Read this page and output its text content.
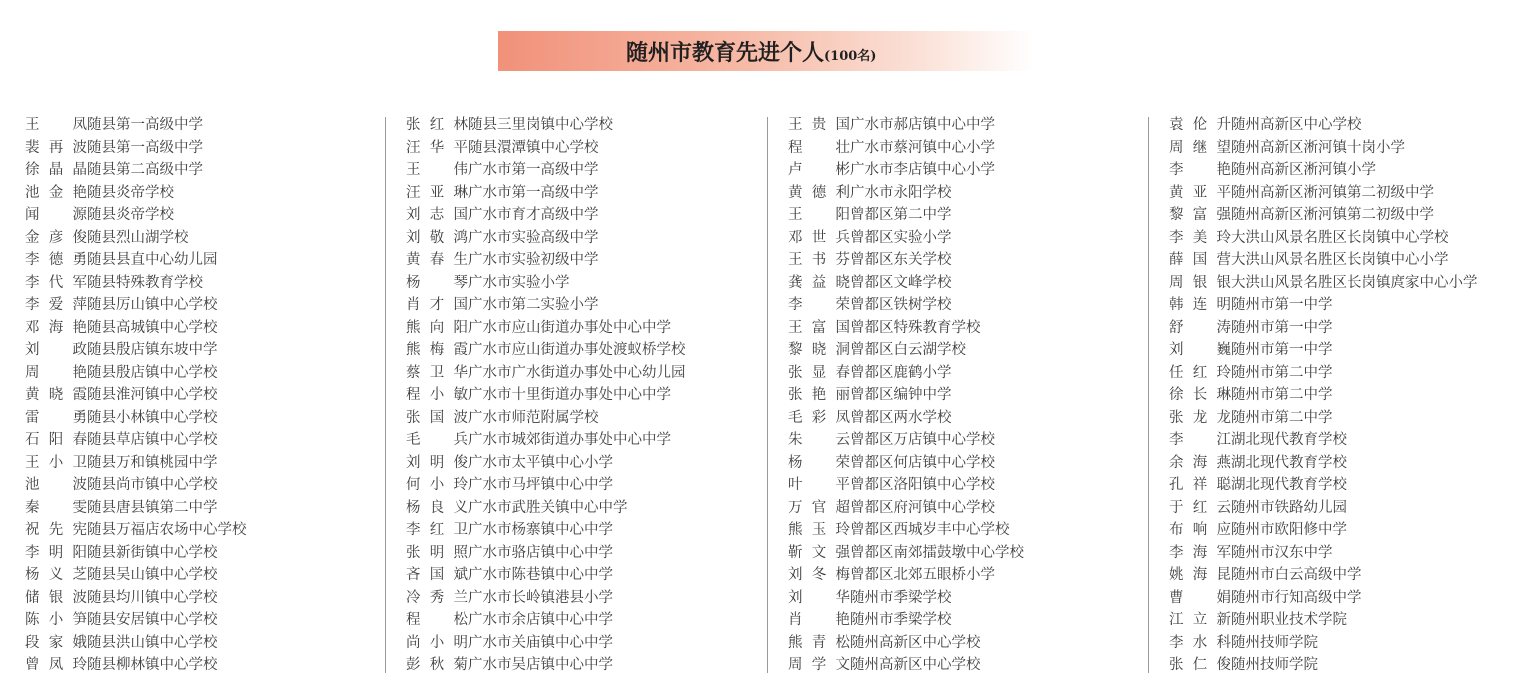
随州市教育先进个人(100名)
王　凤随县第一高级中学
裴再波随县第一高级中学
徐晶晶随县第二高级中学
池金艳随县炎帝学校
闻　源随县炎帝学校
金彦俊随县烈山湖学校
李德勇随县县直中心幼儿园
李代军随县特殊教育学校
李爱萍随县厉山镇中心学校
邓海艳随县高城镇中心学校
刘　政随县殷店镇东坡中学
周　艳随县殷店镇中心学校
黄晓霞随县淮河镇中心学校
雷　勇随县小林镇中心学校
石阳春随县草店镇中心学校
王小卫随县万和镇桃园中学
池　波随县尚市镇中心学校
秦　雯随县唐县镇第二中学
祝先宪随县万福店农场中心学校
李明阳随县新街镇中心学校
杨义芝随县吴山镇中心学校
储银波随县均川镇中心学校
陈小笋随县安居镇中心学校
段家娥随县洪山镇中心学校
曾凤玲随县柳林镇中心学校
张红林随县三里岗镇中心学校
汪华平随县澴潭镇中心学校
王　伟广水市第一高级中学
汪亚琳广水市第一高级中学
刘志国广水市育才高级中学
刘敬鸿广水市实验高级中学
黄春生广水市实验初级中学
杨　琴广水市实验小学
肖才国广水市第二实验小学
熊向阳广水市应山街道办事处中心中学
熊梅霞广水市应山街道办事处渡蚁桥学校
蔡卫华广水市广水街道办事处中心幼儿园
程小敏广水市十里街道办事处中心中学
张国波广水市师范附属学校
毛　兵广水市城郊街道办事处中心中学
刘明俊广水市太平镇中心小学
何小玲广水市马坪镇中心中学
杨良义广水市武胜关镇中心中学
李红卫广水市杨寨镇中心中学
张明照广水市骆店镇中心中学
吝国斌广水市陈巷镇中心中学
冷秀兰广水市长岭镇港县小学
程　松广水市余店镇中心中学
尚小明广水市关庙镇中心中学
彭秋菊广水市吴店镇中心中学
王贵国广水市郝店镇中心中学
程　壮广水市蔡河镇中心小学
卢　彬广水市李店镇中心小学
黄德利广水市永阳学校
王　阳曾都区第二中学
邓世兵曾都区实验小学
王书芬曾都区东关学校
龚益晓曾都区文峰学校
李　荣曾都区铁树学校
王富国曾都区特殊教育学校
黎晓洞曾都区白云湖学校
张显春曾都区鹿鹤小学
张艳丽曾都区编钟中学
毛彩凤曾都区两水学校
朱　云曾都区万店镇中心学校
杨　荣曾都区何店镇中心学校
叶　平曾都区洛阳镇中心学校
万官超曾都区府河镇中心学校
熊玉玲曾都区西城岁丰中心学校
靳文强曾都区南郊擂鼓墩中心学校
刘冬梅曾都区北郊五眼桥小学
刘　华随州市季梁学校
肖　艳随州市季梁学校
熊青松随州高新区中心学校
周学文随州高新区中心学校
袁伦升随州高新区中心学校
周继望随州高新区淅河镇十岗小学
李　艳随州高新区淅河镇小学
黄亚平随州高新区淅河镇第二初级中学
黎富强随州高新区淅河镇第二初级中学
李美玲大洪山风景名胜区长岗镇中心学校
薛国营大洪山风景名胜区长岗镇中心小学
周银银大洪山风景名胜区长岗镇庹家中心小学
韩连明随州市第一中学
舒　涛随州市第一中学
刘　巍随州市第一中学
任红玲随州市第二中学
徐长琳随州市第二中学
张龙龙随州市第二中学
李　江湖北现代教育学校
余海燕湖北现代教育学校
孔祥聪湖北现代教育学校
于红云随州市铁路幼儿园
布响应随州市欧阳修中学
李海军随州市汉东中学
姚海昆随州市白云高级中学
曹　娟随州市行知高级中学
江立新随州职业技术学院
李水科随州技师学院
张仁俊随州技师学院
